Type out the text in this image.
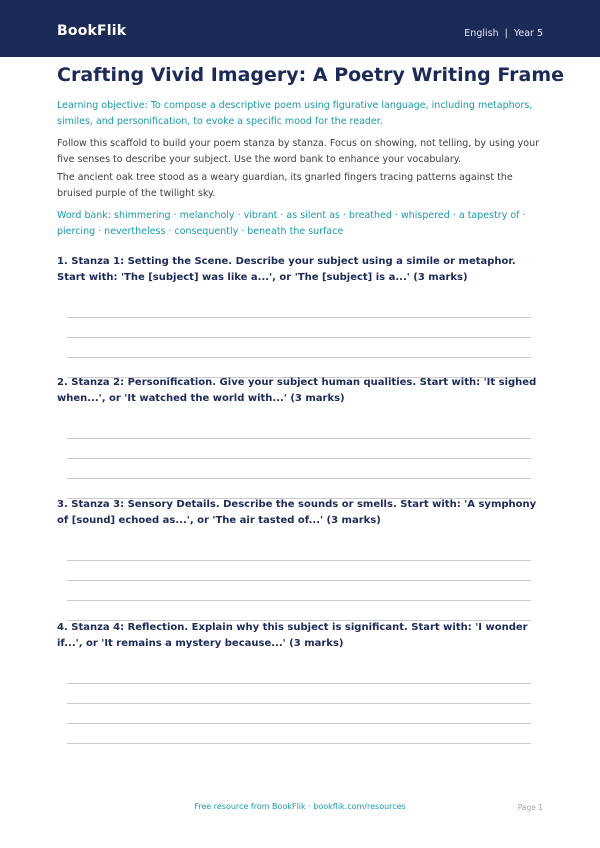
BookFlik	English | Year 5
Crafting Vivid Imagery: A Poetry Writing Frame

Learning objective: To compose a descriptive poem using figurative language, including metaphors, similes, and personification, to evoke a specific mood for the reader.

Follow this scaffold to build your poem stanza by stanza. Focus on showing, not telling, by using your five senses to describe your subject. Use the word bank to enhance your vocabulary.

The ancient oak tree stood as a weary guardian, its gnarled fingers tracing patterns against the bruised purple of the twilight sky.

Word bank: shimmering · melancholy · vibrant · as silent as · breathed · whispered · a tapestry of · piercing · nevertheless · consequently · beneath the surface

1. Stanza 1: Setting the Scene. Describe your subject using a simile or metaphor. Start with: 'The [subject] was like a...', or 'The [subject] is a...' (3 marks)

2. Stanza 2: Personification. Give your subject human qualities. Start with: 'It sighed when...', or 'It watched the world with...' (3 marks)

3. Stanza 3: Sensory Details. Describe the sounds or smells. Start with: 'A symphony of [sound] echoed as...', or 'The air tasted of...' (3 marks)

4. Stanza 4: Reflection. Explain why this subject is significant. Start with: 'I wonder if...', or 'It remains a mystery because...' (3 marks)

Free resource from BookFlik · bookflik.com/resources	Page 1
